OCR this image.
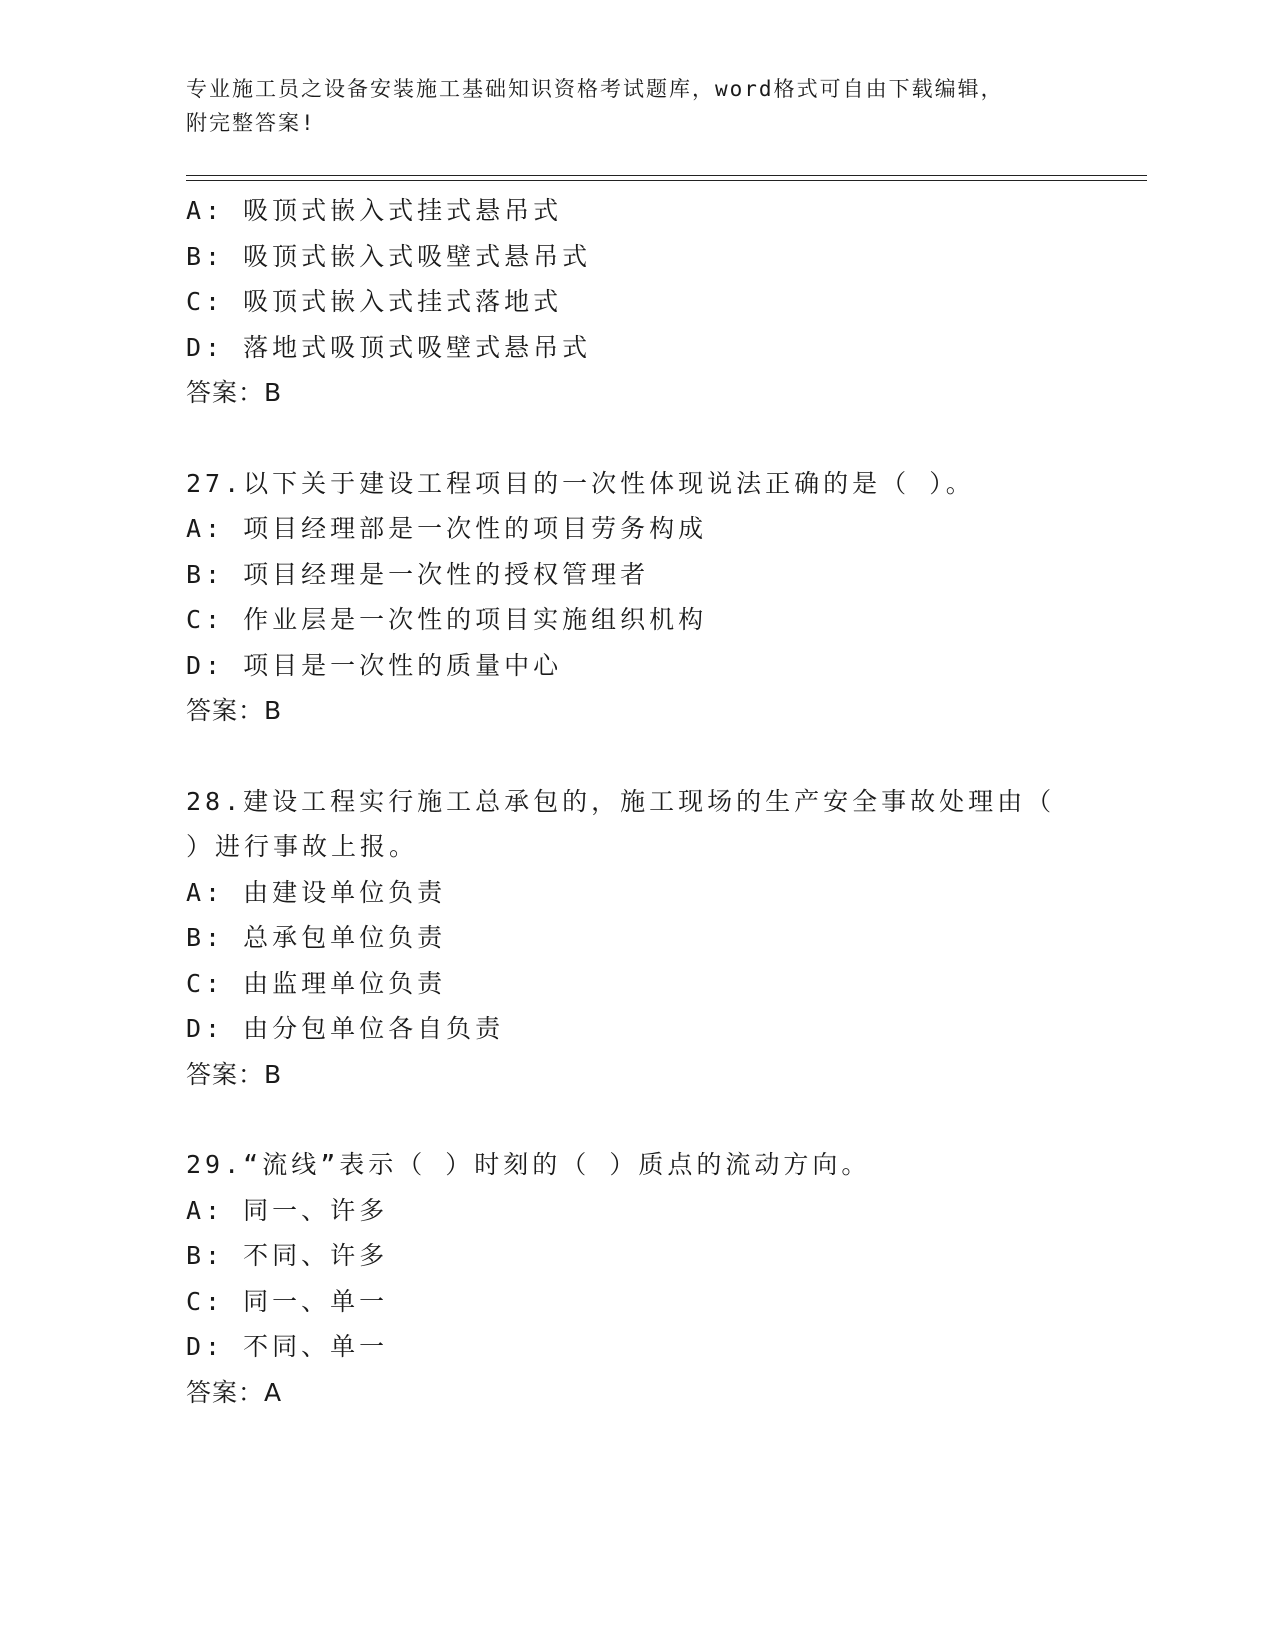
专业施工员之设备安装施工基础知识资格考试题库，word格式可自由下载编辑，
附完整答案!
A: 吸顶式嵌入式挂式悬吊式
B: 吸顶式嵌入式吸壁式悬吊式
C: 吸顶式嵌入式挂式落地式
D: 落地式吸顶式吸壁式悬吊式
答案：B
27.以下关于建设工程项目的一次性体现说法正确的是（ ）。
A: 项目经理部是一次性的项目劳务构成
B: 项目经理是一次性的授权管理者
C: 作业层是一次性的项目实施组织机构
D: 项目是一次性的质量中心
答案：B
28.建设工程实行施工总承包的，施工现场的生产安全事故处理由（
）进行事故上报。
A: 由建设单位负责
B: 总承包单位负责
C: 由监理单位负责
D: 由分包单位各自负责
答案：B
29.“流线”表示（ ）时刻的（ ）质点的流动方向。
A: 同一、许多
B: 不同、许多
C: 同一、单一
D: 不同、单一
答案：A
